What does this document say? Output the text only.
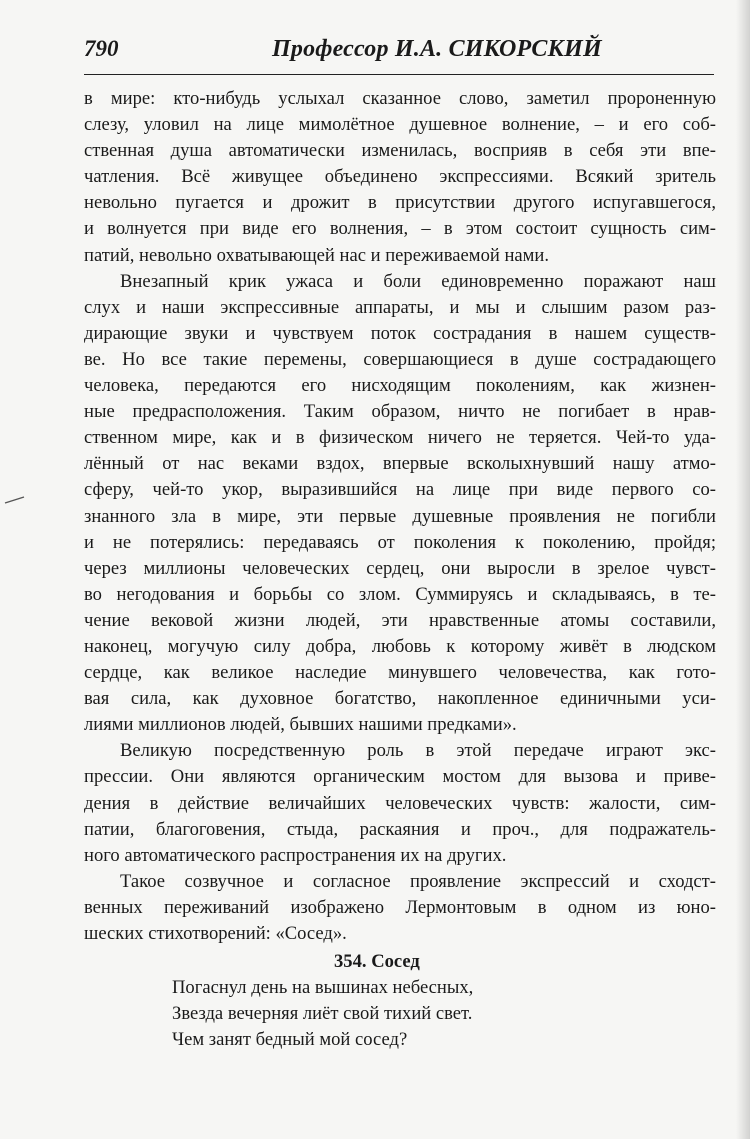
790	Профессор И.А. СИКОРСКИЙ
в мире: кто-нибудь услыхал сказанное слово, заметил пророненную
слезу, уловил на лице мимолётное душевное волнение, – и его соб-
ственная душа автоматически изменилась, восприяв в себя эти впе-
чатления. Всё живущее объединено экспрессиями. Всякий зритель
невольно пугается и дрожит в присутствии другого испугавшегося,
и волнуется при виде его волнения, – в этом состоит сущность сим-
патий, невольно охватывающей нас и переживаемой нами.
Внезапный крик ужаса и боли единовременно поражают наш
слух и наши экспрессивные аппараты, и мы и слышим разом раз-
дирающие звуки и чувствуем поток сострадания в нашем существ-
ве. Но все такие перемены, совершающиеся в душе сострадающего
человека, передаются его нисходящим поколениям, как жизнен-
ные предрасположения. Таким образом, ничто не погибает в нрав-
ственном мире, как и в физическом ничего не теряется. Чей-то уда-
лённый от нас веками вздох, впервые всколыхнувший нашу атмо-
сферу, чей-то укор, выразившийся на лице при виде первого со-
знанного зла в мире, эти первые душевные проявления не погибли
и не потерялись: передаваясь от поколения к поколению, пройдя;
через миллионы человеческих сердец, они выросли в зрелое чувст-
во негодования и борьбы со злом. Суммируясь и складываясь, в те-
чение вековой жизни людей, эти нравственные атомы составили,
наконец, могучую силу добра, любовь к которому живёт в людском
сердце, как великое наследие минувшего человечества, как гото-
вая сила, как духовное богатство, накопленное единичными уси-
лиями миллионов людей, бывших нашими предками».
Великую посредственную роль в этой передаче играют экс-
прессии. Они являются органическим мостом для вызова и приве-
дения в действие величайших человеческих чувств: жалости, сим-
патии, благоговения, стыда, раскаяния и проч., для подражатель-
ного автоматического распространения их на других.
Такое созвучное и согласное проявление экспрессий и сходст-
венных переживаний изображено Лермонтовым в одном из юно-
шеских стихотворений: «Сосед».
354. Сосед
Погаснул день на вышинах небесных,
Звезда вечерняя лиёт свой тихий свет.
Чем занят бедный мой сосед?
